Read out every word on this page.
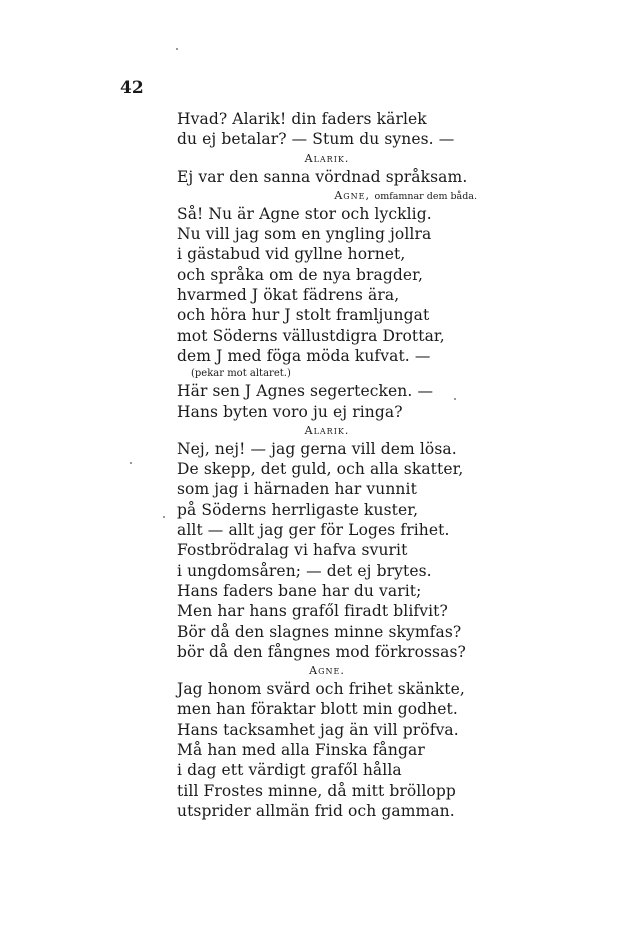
42
Hvad? Alarik! din faders kärlek
du ej betalar? — Stum du synes. —
Alarik.
Ej var den sanna vördnad språksam.
Agne, omfamnar dem båda.
Så! Nu är Agne stor och lycklig.
Nu vill jag som en yngling jollra
i gästabud vid gyllne hornet,
och språka om de nya bragder,
hvarmed J ökat fädrens ära,
och höra hur J stolt framljungat
mot Söderns vällustdigra Drottar,
dem J med föga möda kufvat. —
(pekar mot altaret.)
Här sen J Agnes segertecken. —
Hans byten voro ju ej ringa?
Alarik.
Nej, nej! — jag gerna vill dem lösa.
De skepp, det guld, och alla skatter,
som jag i härnaden har vunnit
på Söderns herrligaste kuster,
allt — allt jag ger för Loges frihet.
Fostbrödralag vi hafva svurit
i ungdomsåren; — det ej brytes.
Hans faders bane har du varit;
Men har hans grafől firadt blifvit?
Bör då den slagnes minne skymfas?
bör då den fångnes mod förkrossas?
Agne.
Jag honom svärd och frihet skänkte,
men han föraktar blott min godhet.
Hans tacksamhet jag än vill pröfva.
Må han med alla Finska fångar
i dag ett värdigt grafől hålla
till Frostes minne, då mitt bröllopp
utsprider allmän frid och gamman.
